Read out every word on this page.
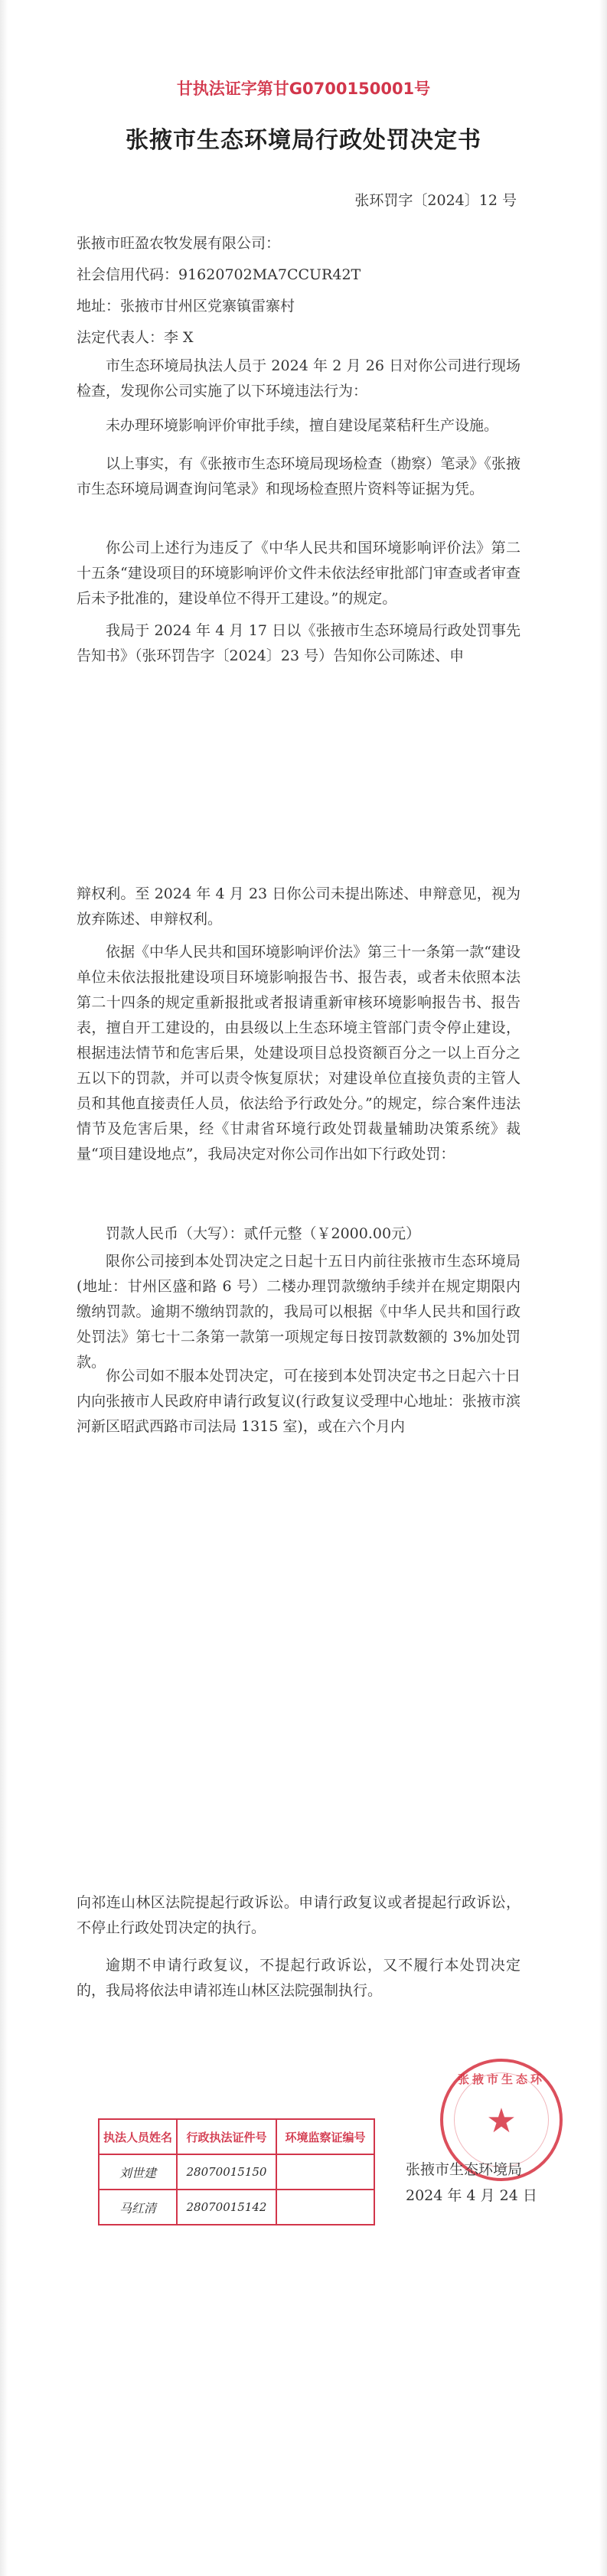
甘执法证字第甘G0700150001号
张掖市生态环境局行政处罚决定书
张环罚字〔2024〕12 号
张掖市旺盈农牧发展有限公司：
社会信用代码：91620702MA7CCUR42T
地址：张掖市甘州区党寨镇雷寨村
法定代表人：李 X

市生态环境局执法人员于 2024 年 2 月 26 日对你公司进行现场检查，发现你公司实施了以下环境违法行为：

未办理环境影响评价审批手续，擅自建设尾菜秸秆生产设施。

以上事实，有《张掖市生态环境局现场检查（勘察）笔录》《张掖市生态环境局调查询问笔录》和现场检查照片资料等证据为凭。

你公司上述行为违反了《中华人民共和国环境影响评价法》第二十五条“建设项目的环境影响评价文件未依法经审批部门审查或者审查后未予批准的，建设单位不得开工建设。”的规定。

我局于 2024 年 4 月 17 日以《张掖市生态环境局行政处罚事先告知书》（张环罚告字〔2024〕23 号）告知你公司陈述、申

辩权利。至 2024 年 4 月 23 日你公司未提出陈述、申辩意见，视为放弃陈述、申辩权利。

依据《中华人民共和国环境影响评价法》第三十一条第一款“建设单位未依法报批建设项目环境影响报告书、报告表，或者未依照本法第二十四条的规定重新报批或者报请重新审核环境影响报告书、报告表，擅自开工建设的，由县级以上生态环境主管部门责令停止建设，根据违法情节和危害后果，处建设项目总投资额百分之一以上百分之五以下的罚款，并可以责令恢复原状；对建设单位直接负责的主管人员和其他直接责任人员，依法给予行政处分。”的规定，综合案件违法情节及危害后果，经《甘肃省环境行政处罚裁量辅助决策系统》裁量“项目建设地点”，我局决定对你公司作出如下行政处罚：

罚款人民币（大写）：贰仟元整（￥2000.00元）

限你公司接到本处罚决定之日起十五日内前往张掖市生态环境局(地址：甘州区盛和路 6 号）二楼办理罚款缴纳手续并在规定期限内缴纳罚款。逾期不缴纳罚款的，我局可以根据《中华人民共和国行政处罚法》第七十二条第一款第一项规定每日按罚款数额的 3%加处罚款。

你公司如不服本处罚决定，可在接到本处罚决定书之日起六十日内向张掖市人民政府申请行政复议(行政复议受理中心地址：张掖市滨河新区昭武西路市司法局 1315 室)，或在六个月内

向祁连山林区法院提起行政诉讼。申请行政复议或者提起行政诉讼，不停止行政处罚决定的执行。

逾期不申请行政复议，不提起行政诉讼，又不履行本处罚决定的，我局将依法申请祁连山林区法院强制执行。

执法人员姓名	行政执法证件号	环境监察证编号
刘世建	28070015150	
马红清	28070015142	
张掖市生态环
★
张掖市生态环境局
2024 年 4 月 24 日
